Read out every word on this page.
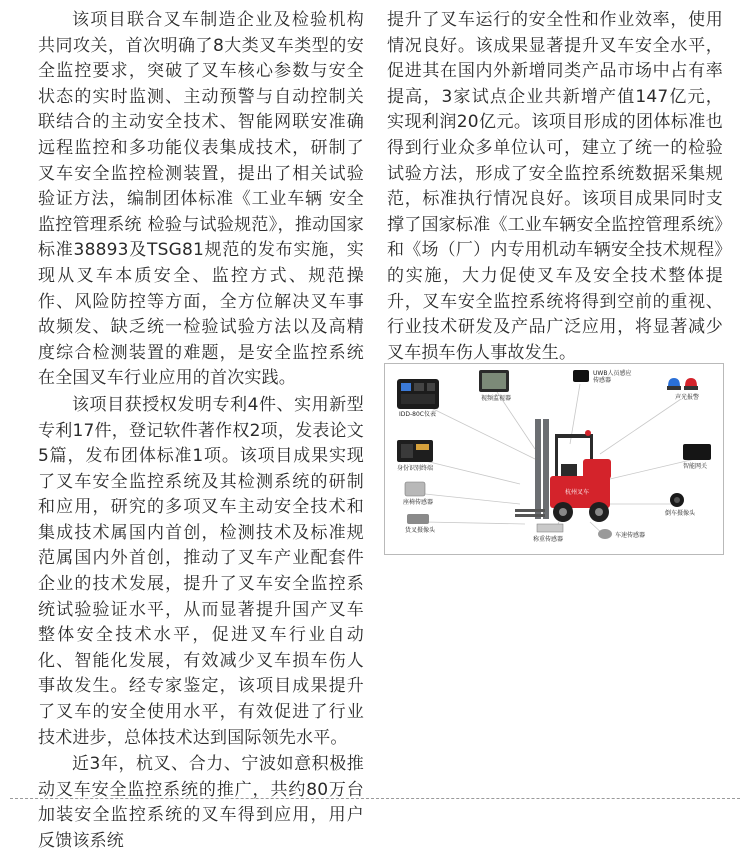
该项目联合叉车制造企业及检验机构共同攻关，首次明确了8大类叉车类型的安全监控要求，突破了叉车核心参数与安全状态的实时监测、主动预警与自动控制关联结合的主动安全技术、智能网联安准确远程监控和多功能仪表集成技术，研制了叉车安全监控检测装置，提出了相关试验验证方法，编制团体标准《工业车辆 安全监控管理系统 检验与试验规范》，推动国家标准38893及TSG81规范的发布实施，实现从叉车本质安全、监控方式、规范操作、风险防控等方面，全方位解决叉车事故频发、缺乏统一检验试验方法以及高精度综合检测装置的难题，是安全监控系统在全国叉车行业应用的首次实践。

该项目获授权发明专利4件、实用新型专利17件，登记软件著作权2项，发表论文5篇，发布团体标准1项。该项目成果实现了叉车安全监控系统及其检测系统的研制和应用，研究的多项叉车主动安全技术和集成技术属国内首创，检测技术及标准规范属国内外首创，推动了叉车产业配套件企业的技术发展，提升了叉车安全监控系统试验验证水平，从而显著提升国产叉车整体安全技术水平，促进叉车行业自动化、智能化发展，有效减少叉车损车伤人事故发生。经专家鉴定，该项目成果提升了叉车的安全使用水平，有效促进了行业技术进步，总体技术达到国际领先水平。

近3年，杭叉、合力、宁波如意积极推动叉车安全监控系统的推广，共约80万台加装安全监控系统的叉车得到应用，用户反馈该系统

提升了叉车运行的安全性和作业效率，使用情况良好。该成果显著提升叉车安全水平，促进其在国内外新增同类产品市场中占有率提高，3家试点企业共新增产值147亿元，实现利润20亿元。该项目形成的团体标准也得到行业众多单位认可，建立了统一的检验试验方法，形成了安全监控系统数据采集规范，标准执行情况良好。该项目成果同时支撑了国家标准《工业车辆安全监控管理系统》和《场（厂）内专用机动车辆安全技术规程》的实施，大力促使叉车及安全技术整体提升，叉车安全监控系统将得到空前的重视、行业技术研发及产品广泛应用，将显著减少叉车损车伤人事故发生。

IDD-80C仪表
视频监视器
UWB人员感应传感器
声光报警
身份识别终端	智能网关
座椅传感器
倒车摄像头
货叉摄像头
称重传感器
车速传感器
杭州叉车
